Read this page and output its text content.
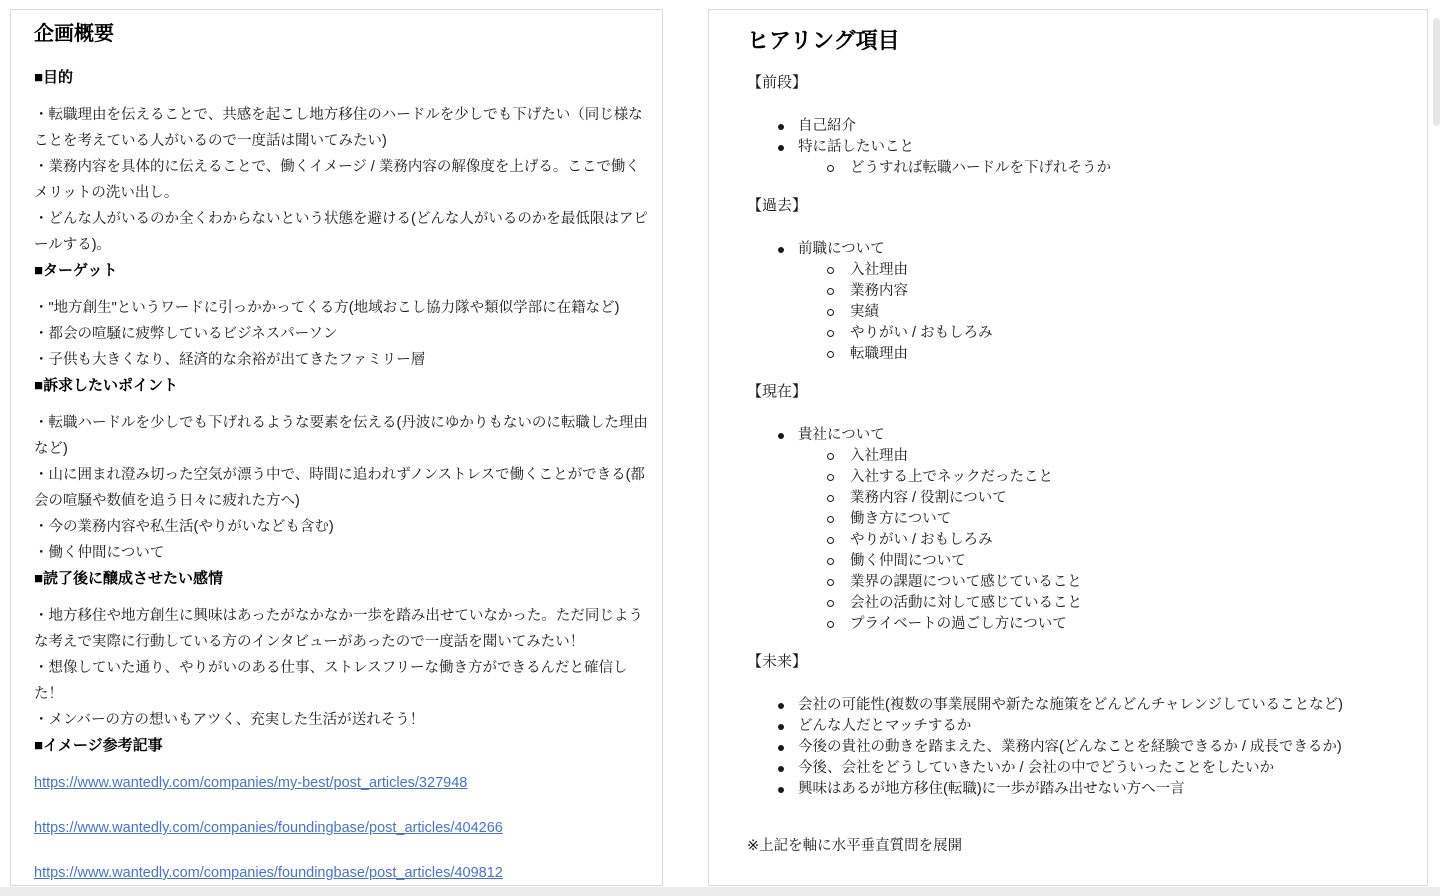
企画概要
■目的

・転職理由を伝えることで、共感を起こし地方移住のハードルを少しでも下げたい（同じ様なことを考えている人がいるので一度話は聞いてみたい)

・業務内容を具体的に伝えることで、働くイメージ / 業務内容の解像度を上げる。ここで働くメリットの洗い出し。

・どんな人がいるのか全くわからないという状態を避ける(どんな人がいるのかを最低限はアピールする)。

■ターゲット

・"地方創生"というワードに引っかかってくる方(地域おこし協力隊や類似学部に在籍など)

・都会の喧騒に疲弊しているビジネスパーソン

・子供も大きくなり、経済的な余裕が出てきたファミリー層

■訴求したいポイント

・転職ハードルを少しでも下げれるような要素を伝える(丹波にゆかりもないのに転職した理由など)

・山に囲まれ澄み切った空気が漂う中で、時間に追われずノンストレスで働くことができる(都会の喧騒や数値を追う日々に疲れた方へ)

・今の業務内容や私生活(やりがいなども含む)

・働く仲間について

■読了後に醸成させたい感情

・地方移住や地方創生に興味はあったがなかなか一歩を踏み出せていなかった。ただ同じような考えで実際に行動している方のインタビューがあったので一度話を聞いてみたい！

・想像していた通り、やりがいのある仕事、ストレスフリーな働き方ができるんだと確信した！

・メンバーの方の想いもアツく、充実した生活が送れそう！

■イメージ参考記事

https://www.wantedly.com/companies/my-best/post_articles/327948

https://www.wantedly.com/companies/foundingbase/post_articles/404266

https://www.wantedly.com/companies/foundingbase/post_articles/409812

ヒアリング項目
【前段】
自己紹介
特に話したいこと
どうすれば転職ハードルを下げれそうか
【過去】
前職について
入社理由
業務内容
実績
やりがい / おもしろみ
転職理由
【現在】
貴社について
入社理由
入社する上でネックだったこと
業務内容 / 役割について
働き方について
やりがい / おもしろみ
働く仲間について
業界の課題について感じていること
会社の活動に対して感じていること
プライベートの過ごし方について
【未来】
会社の可能性(複数の事業展開や新たな施策をどんどんチャレンジしていることなど)
どんな人だとマッチするか
今後の貴社の動きを踏まえた、業務内容(どんなことを経験できるか / 成長できるか)
今後、会社をどうしていきたいか / 会社の中でどういったことをしたいか
興味はあるが地方移住(転職)に一歩が踏み出せない方へ一言

※上記を軸に水平垂直質問を展開
